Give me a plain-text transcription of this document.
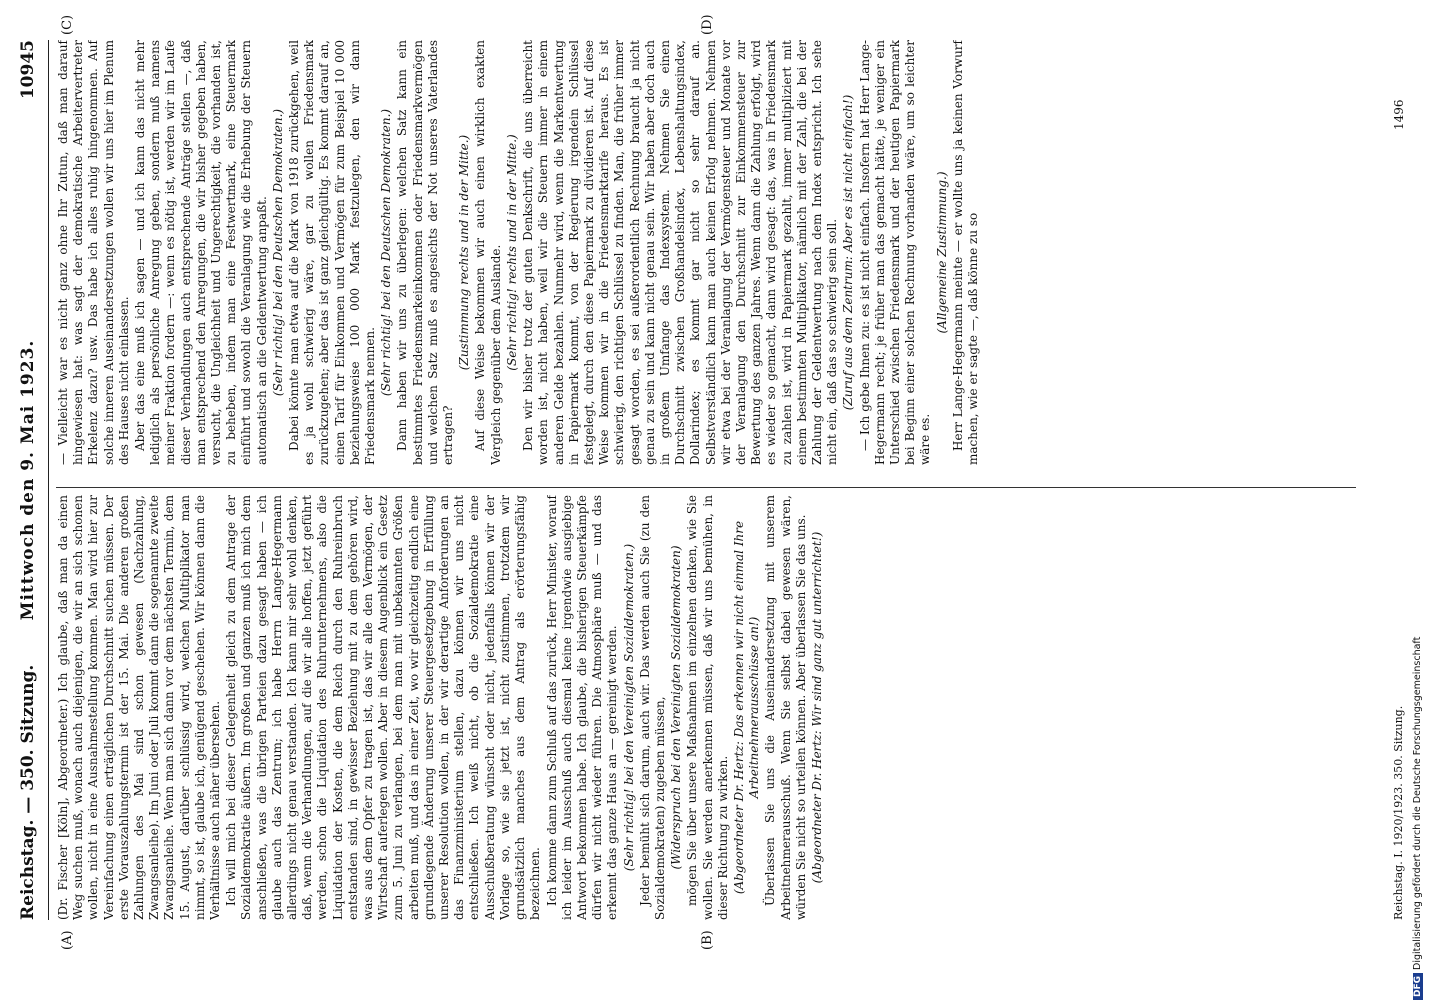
Reichstag. — 350. Sitzung.
Mittwoch den 9. Mai 1923.
10945
(A)	(B)
(C)	(D)

(Dr. Fischer [Köln], Abgeordneter.) Ich glaube, daß man da einen Weg suchen muß, wonach auch diejenigen, die wir an sich schonen wollen, nicht in eine Ausnahmestellung kommen. Man wird hier zur Vereinfachung einen erträglichen Durchschnitt suchen müssen. Der erste Vorauszahlungstermin ist der 15. Mai. Die anderen großen Zahlungen des Mai sind schon gewesen (Nachzahlung, Zwangsanleihe). Im Juni oder Juli kommt dann die sogenannte zweite Zwangsanleihe. Wenn man sich dann vor dem nächsten Termin, dem 15. August, darüber schlüssig wird, welchen Multiplikator man nimmt, so ist, glaube ich, genügend geschehen. Wir können dann die Verhältnisse auch näher übersehen. Ich will mich bei dieser Gelegenheit gleich zu dem Antrage der Sozialdemokratie äußern. Im großen und ganzen muß ich mich dem anschließen, was die übrigen Parteien dazu gesagt haben — ich glaube auch das Zentrum; ich habe Herrn Lange-Hegermann allerdings nicht genau verstanden. Ich kann mir sehr wohl denken, daß, wenn die Verhandlungen, auf die wir alle hoffen, jetzt geführt werden, schon die Liquidation des Ruhrunternehmens, also die Liquidation der Kosten, die dem Reich durch den Ruhreinbruch entstanden sind, in gewisser Beziehung mit zu dem gehören wird, was aus dem Opfer zu tragen ist, das wir alle den Vermögen, der Wirtschaft auferlegen wollen. Aber in diesem Augenblick ein Gesetz zum 5. Juni zu verlangen, bei dem man mit unbekannten Größen arbeiten muß, und das in einer Zeit, wo wir gleichzeitig endlich eine grundlegende Änderung unserer Steuergesetzgebung in Erfüllung unserer Resolution wollen, in der wir derartige Anforderungen an das Finanzministerium stellen, dazu können wir uns nicht entschließen. Ich weiß nicht, ob die Sozialdemokratie eine Ausschußberatung wünscht oder nicht, jedenfalls können wir der Vorlage so, wie sie jetzt ist, nicht zustimmen, trotzdem wir grundsätzlich manches aus dem Antrag als erörterungsfähig bezeichnen. Ich komme dann zum Schluß auf das zurück, Herr Minister, worauf ich leider im Ausschuß auch diesmal keine irgendwie ausgiebige Antwort bekommen habe. Ich glaube, die bisherigen Steuerkämpfe dürfen wir nicht wieder führen. Die Atmosphäre muß — und das erkennt das ganze Haus an — gereinigt werden. (Sehr richtig! bei den Vereinigten Sozialdemokraten.) Jeder bemüht sich darum, auch wir. Das werden auch Sie (zu den Sozialdemokraten) zugeben müssen, (Widerspruch bei den Vereinigten Sozialdemokraten) mögen Sie über unsere Maßnahmen im einzelnen denken, wie Sie wollen. Sie werden anerkennen müssen, daß wir uns bemühen, in dieser Richtung zu wirken. (Abgeordneter Dr. Hertz: Das erkennen wir nicht einmal Ihre Arbeitnehmerausschüsse an!) Überlassen Sie uns die Auseinandersetzung mit unserem Arbeitnehmerausschuß. Wenn Sie selbst dabei gewesen wären, würden Sie nicht so urteilen können. Aber überlassen Sie das uns. (Abgeordneter Dr. Hertz: Wir sind ganz gut unterrichtet!)

— Vielleicht war es nicht ganz ohne Ihr Zutun, daß man darauf hingewiesen hat: was sagt der demokratische Arbeitervertreter Erkelenz dazu? usw. Das habe ich alles ruhig hingenommen. Auf solche inneren Auseinandersetzungen wollen wir uns hier im Plenum des Hauses nicht einlassen. Aber das eine muß ich sagen — und ich kann das nicht mehr lediglich als persönliche Anregung geben, sondern muß namens meiner Fraktion fordern —: wenn es nötig ist, werden wir im Laufe dieser Verhandlungen auch entsprechende Anträge stellen —, daß man entsprechend den Anregungen, die wir bisher gegeben haben, versucht, die Ungleichheit und Ungerechtigkeit, die vorhanden ist, zu beheben, indem man eine Festwertmark, eine Steuermark einführt und sowohl die Veranlagung wie die Erhebung der Steuern automatisch an die Geldentwertung anpaßt. (Sehr richtig! bei den Deutschen Demokraten.) Dabei könnte man etwa auf die Mark von 1918 zurückgehen, weil es ja wohl schwierig wäre, gar zu wollen Friedensmark zurückzugehen; aber das ist ganz gleichgültig. Es kommt darauf an, einen Tarif für Einkommen und Vermögen für zum Beispiel 10 000 beziehungsweise 100 000 Mark festzulegen, den wir dann Friedensmark nennen. (Sehr richtig! bei den Deutschen Demokraten.) Dann haben wir uns zu überlegen: welchen Satz kann ein bestimmtes Friedensmarkeinkommen oder Friedensmarkvermögen und welchen Satz muß es angesichts der Not unseres Vaterlandes ertragen?

(Zustimmung rechts und in der Mitte.) Auf diese Weise bekommen wir auch einen wirklich exakten Vergleich gegenüber dem Auslande. (Sehr richtig! rechts und in der Mitte.) Den wir bisher trotz der guten Denkschrift, die uns überreicht worden ist, nicht haben, weil wir die Steuern immer in einem anderen Gelde bezahlen. Nunmehr wird, wenn die Markentwertung in Papiermark kommt, von der Regierung irgendein Schlüssel festgelegt, durch den diese Papiermark zu dividieren ist. Auf diese Weise kommen wir in die Friedensmarktarife heraus. Es ist schwierig, den richtigen Schlüssel zu finden. Man, die früher immer gesagt worden, es sei außerordentlich Rechnung braucht ja nicht genau zu sein und kann nicht genau sein. Wir haben aber doch auch in großem Umfange das Indexsystem. Nehmen Sie einen Durchschnitt zwischen Großhandelsindex, Lebenshaltungsindex, Dollarindex; es kommt gar nicht so sehr darauf an. Selbstverständlich kann man auch keinen Erfolg nehmen. Nehmen wir etwa bei der Veranlagung der Vermögensteuer und Monate vor der Veranlagung den Durchschnitt zur Einkommensteuer zur Bewertung des ganzen Jahres. Wenn dann die Zahlung erfolgt, wird es wieder so gemacht, dann wird gesagt: das, was in Friedensmark zu zahlen ist, wird in Papiermark gezahlt, immer multipliziert mit einem bestimmten Multiplikator, nämlich mit der Zahl, die bei der Zahlung der Geldentwertung nach dem Index entspricht. Ich sehe nicht ein, daß das so schwierig sein soll. (Zuruf aus dem Zentrum: Aber es ist nicht einfach!) — Ich gebe Ihnen zu: es ist nicht einfach. Insofern hat Herr Lange-Hegermann recht; je früher man das gemacht hätte, je weniger ein Unterschied zwischen Friedensmark und der heutigen Papiermark bei Beginn einer solchen Rechnung vorhanden wäre, um so leichter wäre es.

(Allgemeine Zustimmung.) Herr Lange-Hegermann meinte — er wollte uns ja keinen Vorwurf machen, wie er sagte —, daß könne zu so

Reichstag. I. 1920/1923. 350. Sitzung.
1496
DFGDigitalisierung gefördert durch die Deutsche Forschungsgemeinschaft
